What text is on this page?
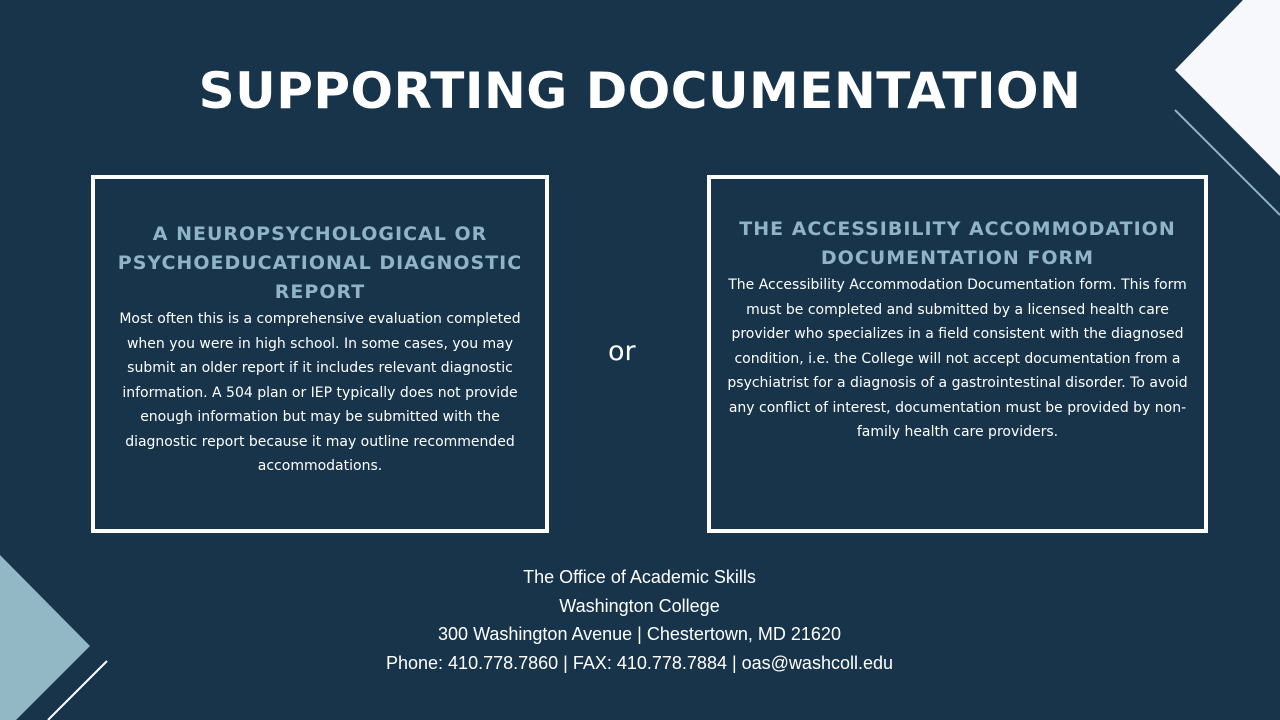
SUPPORTING DOCUMENTATION
A NEUROPSYCHOLOGICAL OR PSYCHOEDUCATIONAL DIAGNOSTIC REPORT

Most often this is a comprehensive evaluation completed when you were in high school. In some cases, you may submit an older report if it includes relevant diagnostic information. A 504 plan or IEP typically does not provide enough information but may be submitted with the diagnostic report because it may outline recommended accommodations.

or
THE ACCESSIBILITY ACCOMMODATION DOCUMENTATION FORM

The Accessibility Accommodation Documentation form. This form must be completed and submitted by a licensed health care provider who specializes in a field consistent with the diagnosed condition, i.e. the College will not accept documentation from a psychiatrist for a diagnosis of a gastrointestinal disorder. To avoid any conflict of interest, documentation must be provided by non-family health care providers.

The Office of Academic Skills
Washington College
300 Washington Avenue | Chestertown, MD 21620
Phone: 410.778.7860 | FAX: 410.778.7884 | oas@washcoll.edu
